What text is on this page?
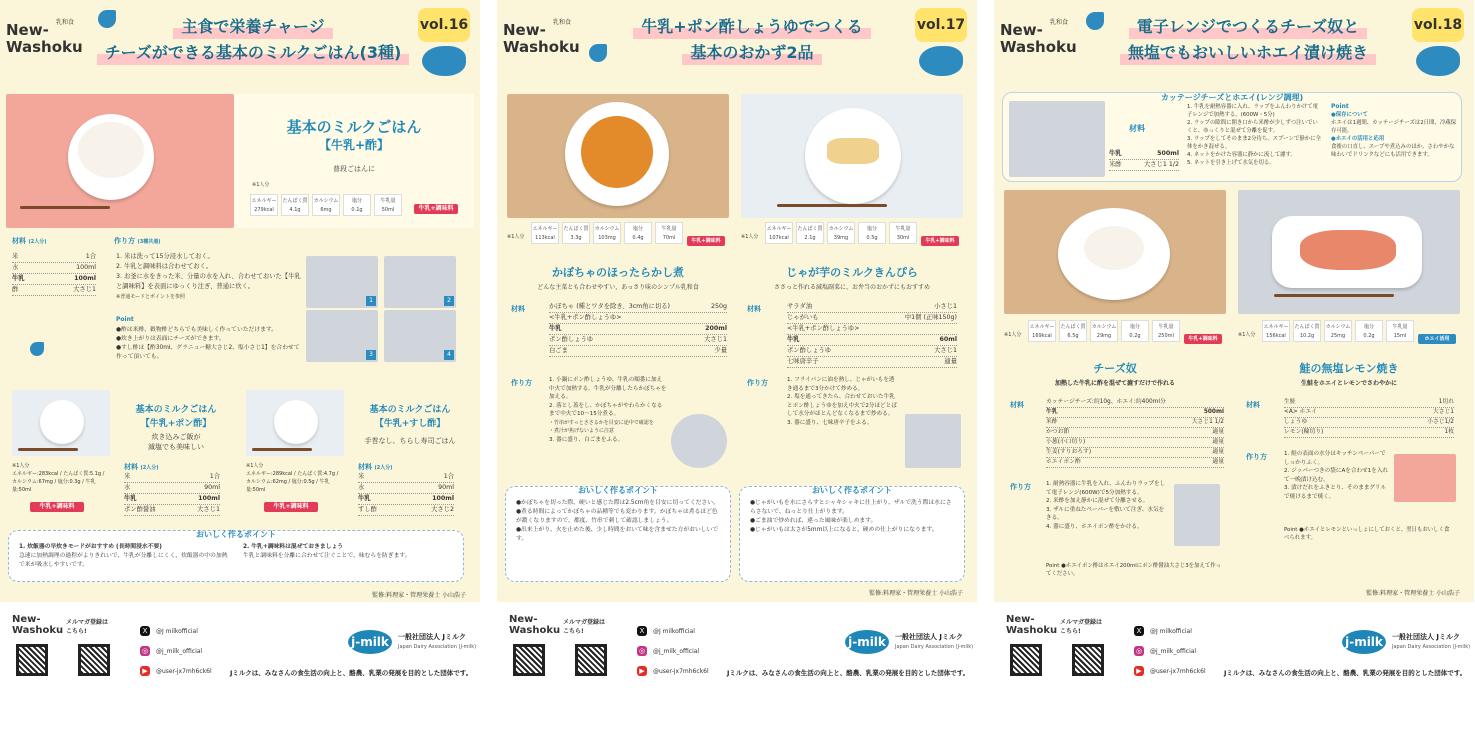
New-
Washoku
乳和食	主食で栄養チャージ
チーズができる基本のミルクごはん(3種)
vol.16
基本のミルクごはん
【牛乳+酢】
普段ごはんに
※1人分
エネルギー
279kcal
たんぱく質
4.1g
カルシウム
6mg
塩分
0.1g
牛乳量
50ml	牛乳+調味料
材料 (2人分)
米	1合
水	100ml
牛乳	100ml
酢	大さじ1
作り方 (3種共通)
1. 米は洗って15分浸水しておく。
2. 牛乳と調味料は合わせておく。
3. お釜に水をきった米、分量の水を入れ、合わせておいた【牛乳と調味料】を表面にゆっくり注ぎ、普通に炊く。
※普通モードとポイントを参照
Point
●酢は米酢、穀物酢どちらでも美味しく作っていただけます。
●炊き上がりは表面にチーズができます。
●すし酢は【酢30ml、グラニュー糖大さじ2、塩小さじ1】を合わせて作って頂いても。
1	2
3	4
基本のミルクごはん
【牛乳+ポン酢】
炊き込みご飯が
減塩でも美味しい
※1人分
エネルギー:283kcal / たんぱく質:5.1g / カルシウム:67mg / 塩分:0.3g / 牛乳量:50ml
牛乳+調味料
材料 (2人分)
米	1合
水	90ml
牛乳	100ml
ポン酢醤油	大さじ1
基本のミルクごはん
【牛乳+すし酢】
手巻なし、ちらし寿司ごはん
※1人分
エネルギー:289kcal / たんぱく質:4.7g / カルシウム:62mg / 塩分:0.5g / 牛乳量:50ml
牛乳+調味料
材料 (2人分)
米	1合
水	90ml
牛乳	100ml
すし酢	大さじ2
おいしく作るポイント
1. 炊飯器の早炊きモードがおすすめ (長時間浸水不要)
急速に加熱調理の過程がよりきれいで、牛乳が分離しにくく、炊飯器の中の加熱で米が吸水しやすいです。
2. 牛乳+調味料は混ぜておきましょう
牛乳と調味料を分離に合わせて注ぐことで、味むらを防ぎます。
監修:料理家・管理栄養士 小山浩子
New-
Washoku
メルマガ登録は
こちら!	X	@J milkofficial
◎	@j_milk_official
▶	@user-jx7mh6ck6l
j-milk	一般社団法人 Jミルク
Japan Dairy Association (J-milk)
Jミルクは、みなさんの食生活の向上と、酪農、乳業の発展を目的とした団体です。
New-
Washoku
乳和食	牛乳+ポン酢しょうゆでつくる
基本のおかず2品
vol.17
※1人分
エネルギー
113kcal
たんぱく質
3.3g
カルシウム
103mg
塩分
0.4g
牛乳量
70ml	牛乳+調味料
※1人分
エネルギー
107kcal
たんぱく質
2.1g
カルシウム
39mg
塩分
0.5g
牛乳量
30ml	牛乳+調味料
かぼちゃのほったらかし煮
どんな主菜とも合わせやすい、あっさり味のシンプル乳和食
材料	かぼちゃ (種とワタを除き、3cm角に切る)	250g
<牛乳+ポン酢しょうゆ>
牛乳	200ml
ポン酢しょうゆ	大さじ1
白ごま	少量
作り方	1. 小鍋にポン酢しょうゆ、牛乳の順番に加え中火で加熱する。牛乳が分離したらかぼちゃを加える。
2. 落とし蓋をし、かぼちゃがやわらかくなるまで中火で10〜15分煮る。
・竹串がすっとささるかを目安に途中で確認を
・煮汁が焦げないように注意
3. 器に盛り、白ごまをふる。
じゃが芋のミルクきんぴら
ささっと作れる減塩副菜に、お弁当のおかずにもおすすめ
材料	サラダ油	小さじ1
じゃがいも	中1個 (正味150g)
<牛乳+ポン酢しょうゆ>
牛乳	60ml
ポン酢しょうゆ	大さじ1
七味唐辛子	適量
作り方	1. フライパンに油を熱し、じゃがいもを透き通るまで3分かけて炒める。
2. 塩を通ってきたら、合わせておいた牛乳とポン酢しょうゆを加え中火で2分ほどとばして水分がほとんどなくなるまで炒める。
3. 器に盛り、七味唐辛子をふる。
おいしく作るポイント
●かぼちゃを切った際、硬いと感じた際は2.5cm角を目安に切ってください。
●煮る時間によってかぼちゃの品種等でも変わります。かぼちゃは煮るほど色が濃くなりますので、都度、竹串で刺して確認しましょう。
●出来上がり、火を止めた後、少し時間をおいて味を含ませた方がおいしいです。
おいしく作るポイント
●じゃがいもを水にさらすとシャキシャキに仕上がり、ザルで洗う際は水にさらさないで、ねっとり仕上がります。
●ごま油で炒めれば、違った風味が楽しめます。
●じゃがいもは太さが5mm以上になると、硬めの仕上がりになります。
監修:料理家・管理栄養士 小山浩子
New-
Washoku
メルマガ登録は
こちら!	X	@J milkofficial
◎	@j_milk_official
▶	@user-jx7mh6ck6l
j-milk	一般社団法人 Jミルク
Japan Dairy Association (J-milk)
Jミルクは、みなさんの食生活の向上と、酪農、乳業の発展を目的とした団体です。
New-
Washoku
乳和食	電子レンジでつくるチーズ奴と
無塩でもおいしいホエイ漬け焼き
vol.18
カッテージチーズとホエイ(レンジ調理)
材料
牛乳	500ml
米酢	大さじ1 1/2
1. 牛乳を耐熱容器に入れ、ラップをふんわりかけて電子レンジで加熱する。(600W・5分)
2. ラップの隙間に開き口から米酢が少しずつ注いでいくと、ゆっくりと混ぜて分離を促す。
3. ラップをしてそのまま2分待ち、スプーンで静かに全体をかき混ぜる。
4. ネットをかけた容器に静かに流して濾す。
5. ネットを引き上げて水気を切る。
Point
●保存について
ホエイは1週間、カッテージチーズは2日間、冷蔵保存可能。
●ホエイの活用と応用
食後の口直し、スープや煮込みのほか、さわやかな味わいでドリンクなどにも活用できます。
※1人分
エネルギー
169kcal
たんぱく質
6.5g
カルシウム
29mg
塩分
0.2g
牛乳量
250ml	牛乳+調味料
※1人分
エネルギー
156kcal
たんぱく質
10.2g
カルシウム
25mg
塩分
0.2g
牛乳量
15ml	ホエイ活用
チーズ奴
加熱した牛乳に酢を混ぜて漉すだけで作れる
材料	カッテージチーズ:約10g、ホエイ:約400ml分
牛乳	500ml
米酢	大さじ1 1/2
かつお節	適量
小葱(小口切り)	適量
生姜(すりおろす)	適量
ホエイポン酢	適量
作り方	1. 耐熱容器に牛乳を入れ、ふんわりラップをして電子レンジ(600W)で5分加熱する。
2. 米酢を加え静かに混ぜて分離させる。
3. ザルに重ねたペーパーを敷いて注ぎ、水気をきる。
4. 器に盛り、ホエイポン酢をかける。
Point ●ホエイポン酢はホエイ200mlにポン酢醤油大さじ3を加えて作ってください。
鮭の無塩レモン焼き
生鮭をホエイとレモンでさわやかに
材料	生鮭	1切れ
<A> ホエイ	大さじ1
しょうゆ	小さじ1/2
レモン(輪切り)	1枚
作り方	1. 鮭の表面の水分はキッチンペーパーでしっかりふく。
2. ジッパーつきの袋にAを合わせ1を入れて一晩漬け込む。
3. 漬けだれをふきとり、そのままグリルで焼けるまで焼く。
Point ●ホエイとレモンといっしょにしておくと、翌日もおいしく食べられます。
監修:料理家・管理栄養士 小山浩子
New-
Washoku
メルマガ登録は
こちら!	X	@J milkofficial
◎	@j_milk_official
▶	@user-jx7mh6ck6l
j-milk	一般社団法人 Jミルク
Japan Dairy Association (J-milk)
Jミルクは、みなさんの食生活の向上と、酪農、乳業の発展を目的とした団体です。
